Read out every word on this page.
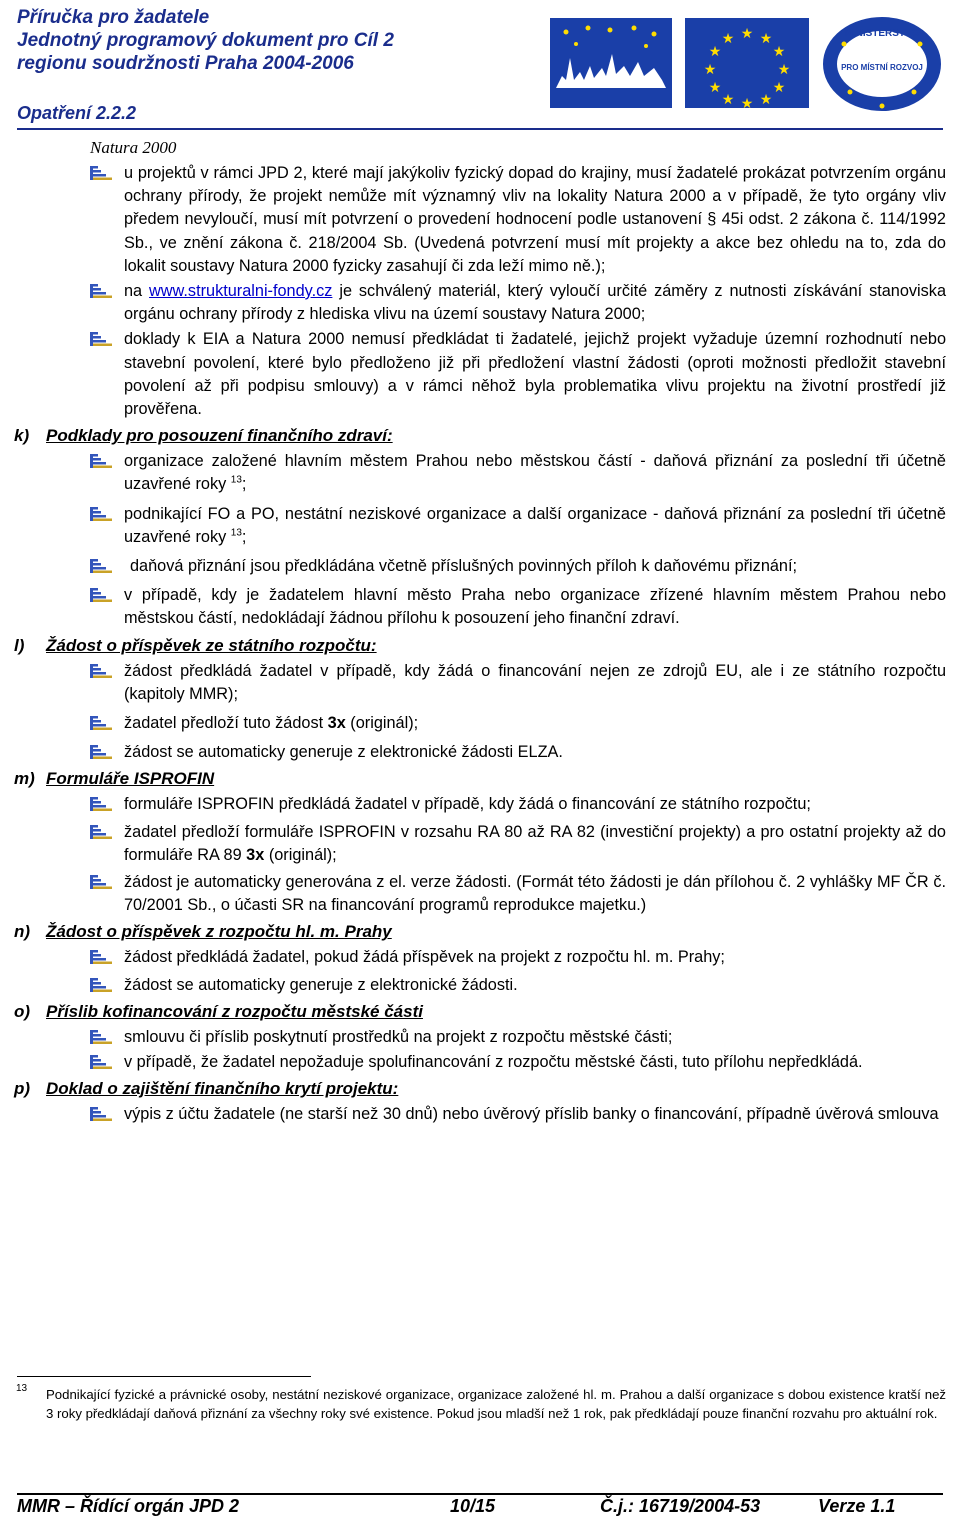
Příručka pro žadatele
Jednotný programový dokument pro Cíl 2
regionu soudržnosti Praha 2004-2006
Opatření 2.2.2
★ ★
★
★
★
★
★
★
★
★
★
★	MINISTERSTVO
PRO MÍSTNÍ ROZVOJ
Natura 2000
u projektů v rámci JPD 2, které mají jakýkoliv fyzický dopad do krajiny, musí žadatelé prokázat potvrzením orgánu ochrany přírody, že projekt nemůže mít významný vliv na lokality Natura 2000 a v případě, že tyto orgány vliv předem nevyloučí, musí mít potvrzení o provedení hodnocení podle ustanovení § 45i odst. 2 zákona č. 114/1992 Sb., ve znění zákona č. 218/2004 Sb. (Uvedená potvrzení musí mít projekty a akce bez ohledu na to, zda do lokalit soustavy Natura 2000 fyzicky zasahují či zda leží mimo ně.);
na www.strukturalni-fondy.cz je schválený materiál, který vyloučí určité záměry z nutnosti získávání stanoviska orgánu ochrany přírody z hlediska vlivu na území soustavy Natura 2000;
doklady k EIA a Natura 2000 nemusí předkládat ti žadatelé, jejichž projekt vyžaduje územní rozhodnutí nebo stavební povolení, které bylo předloženo již při předložení vlastní žádosti (oproti možnosti předložit stavební povolení až při podpisu smlouvy) a v rámci něhož byla problematika vlivu projektu na životní prostředí již prověřena.
k) Podklady pro posouzení finančního zdraví:
organizace založené hlavním městem Prahou nebo městskou částí - daňová přiznání za poslední tři účetně uzavřené roky $^{13}$;
podnikající FO a PO, nestátní neziskové organizace a další organizace - daňová přiznání za poslední tři účetně uzavřené roky $^{13}$;
daňová přiznání jsou předkládána včetně příslušných povinných příloh k daňovému přiznání;
v případě, kdy je žadatelem hlavní město Praha nebo organizace zřízené hlavním městem Prahou nebo městskou částí, nedokládají žádnou přílohu k posouzení jeho finanční zdraví.
l) Žádost o příspěvek ze státního rozpočtu:
žádost předkládá žadatel v případě, kdy žádá o financování nejen ze zdrojů EU, ale i ze státního rozpočtu (kapitoly MMR);
žadatel předloží tuto žádost 3x (originál);
žádost se automaticky generuje z elektronické žádosti ELZA.
m) Formuláře ISPROFIN
formuláře ISPROFIN předkládá žadatel v případě, kdy žádá o financování ze státního rozpočtu;
žadatel předloží formuláře ISPROFIN v rozsahu RA 80 až RA 82 (investiční projekty) a pro ostatní projekty až do formuláře RA 89 3x (originál);
žádost je automaticky generována z el. verze žádosti. (Formát této žádosti je dán přílohou č. 2 vyhlášky MF ČR č. 70/2001 Sb., o účasti SR na financování programů reprodukce majetku.)
n) Žádost o příspěvek z rozpočtu hl. m. Prahy
žádost předkládá žadatel, pokud žádá příspěvek na projekt z rozpočtu hl. m. Prahy;
žádost se automaticky generuje z elektronické žádosti.
o) Příslib kofinancování z rozpočtu městské části
smlouvu či příslib poskytnutí prostředků na projekt z rozpočtu městské části;
v případě, že žadatel nepožaduje spolufinancování z rozpočtu městské části, tuto přílohu nepředkládá.
p) Doklad o zajištění finančního krytí projektu:
výpis z účtu žadatele (ne starší než 30 dnů) nebo úvěrový příslib banky o financování, případně úvěrová smlouva
13 Podnikající fyzické a právnické osoby, nestátní neziskové organizace, organizace založené hl. m. Prahou a další organizace s dobou existence kratší než 3 roky předkládají daňová přiznání za všechny roky své existence. Pokud jsou mladší než 1 rok, pak předkládají pouze finanční rozvahu pro aktuální rok.
MMR – Řídící orgán JPD 2	10/15	Č.j.: 16719/2004-53	Verze 1.1
